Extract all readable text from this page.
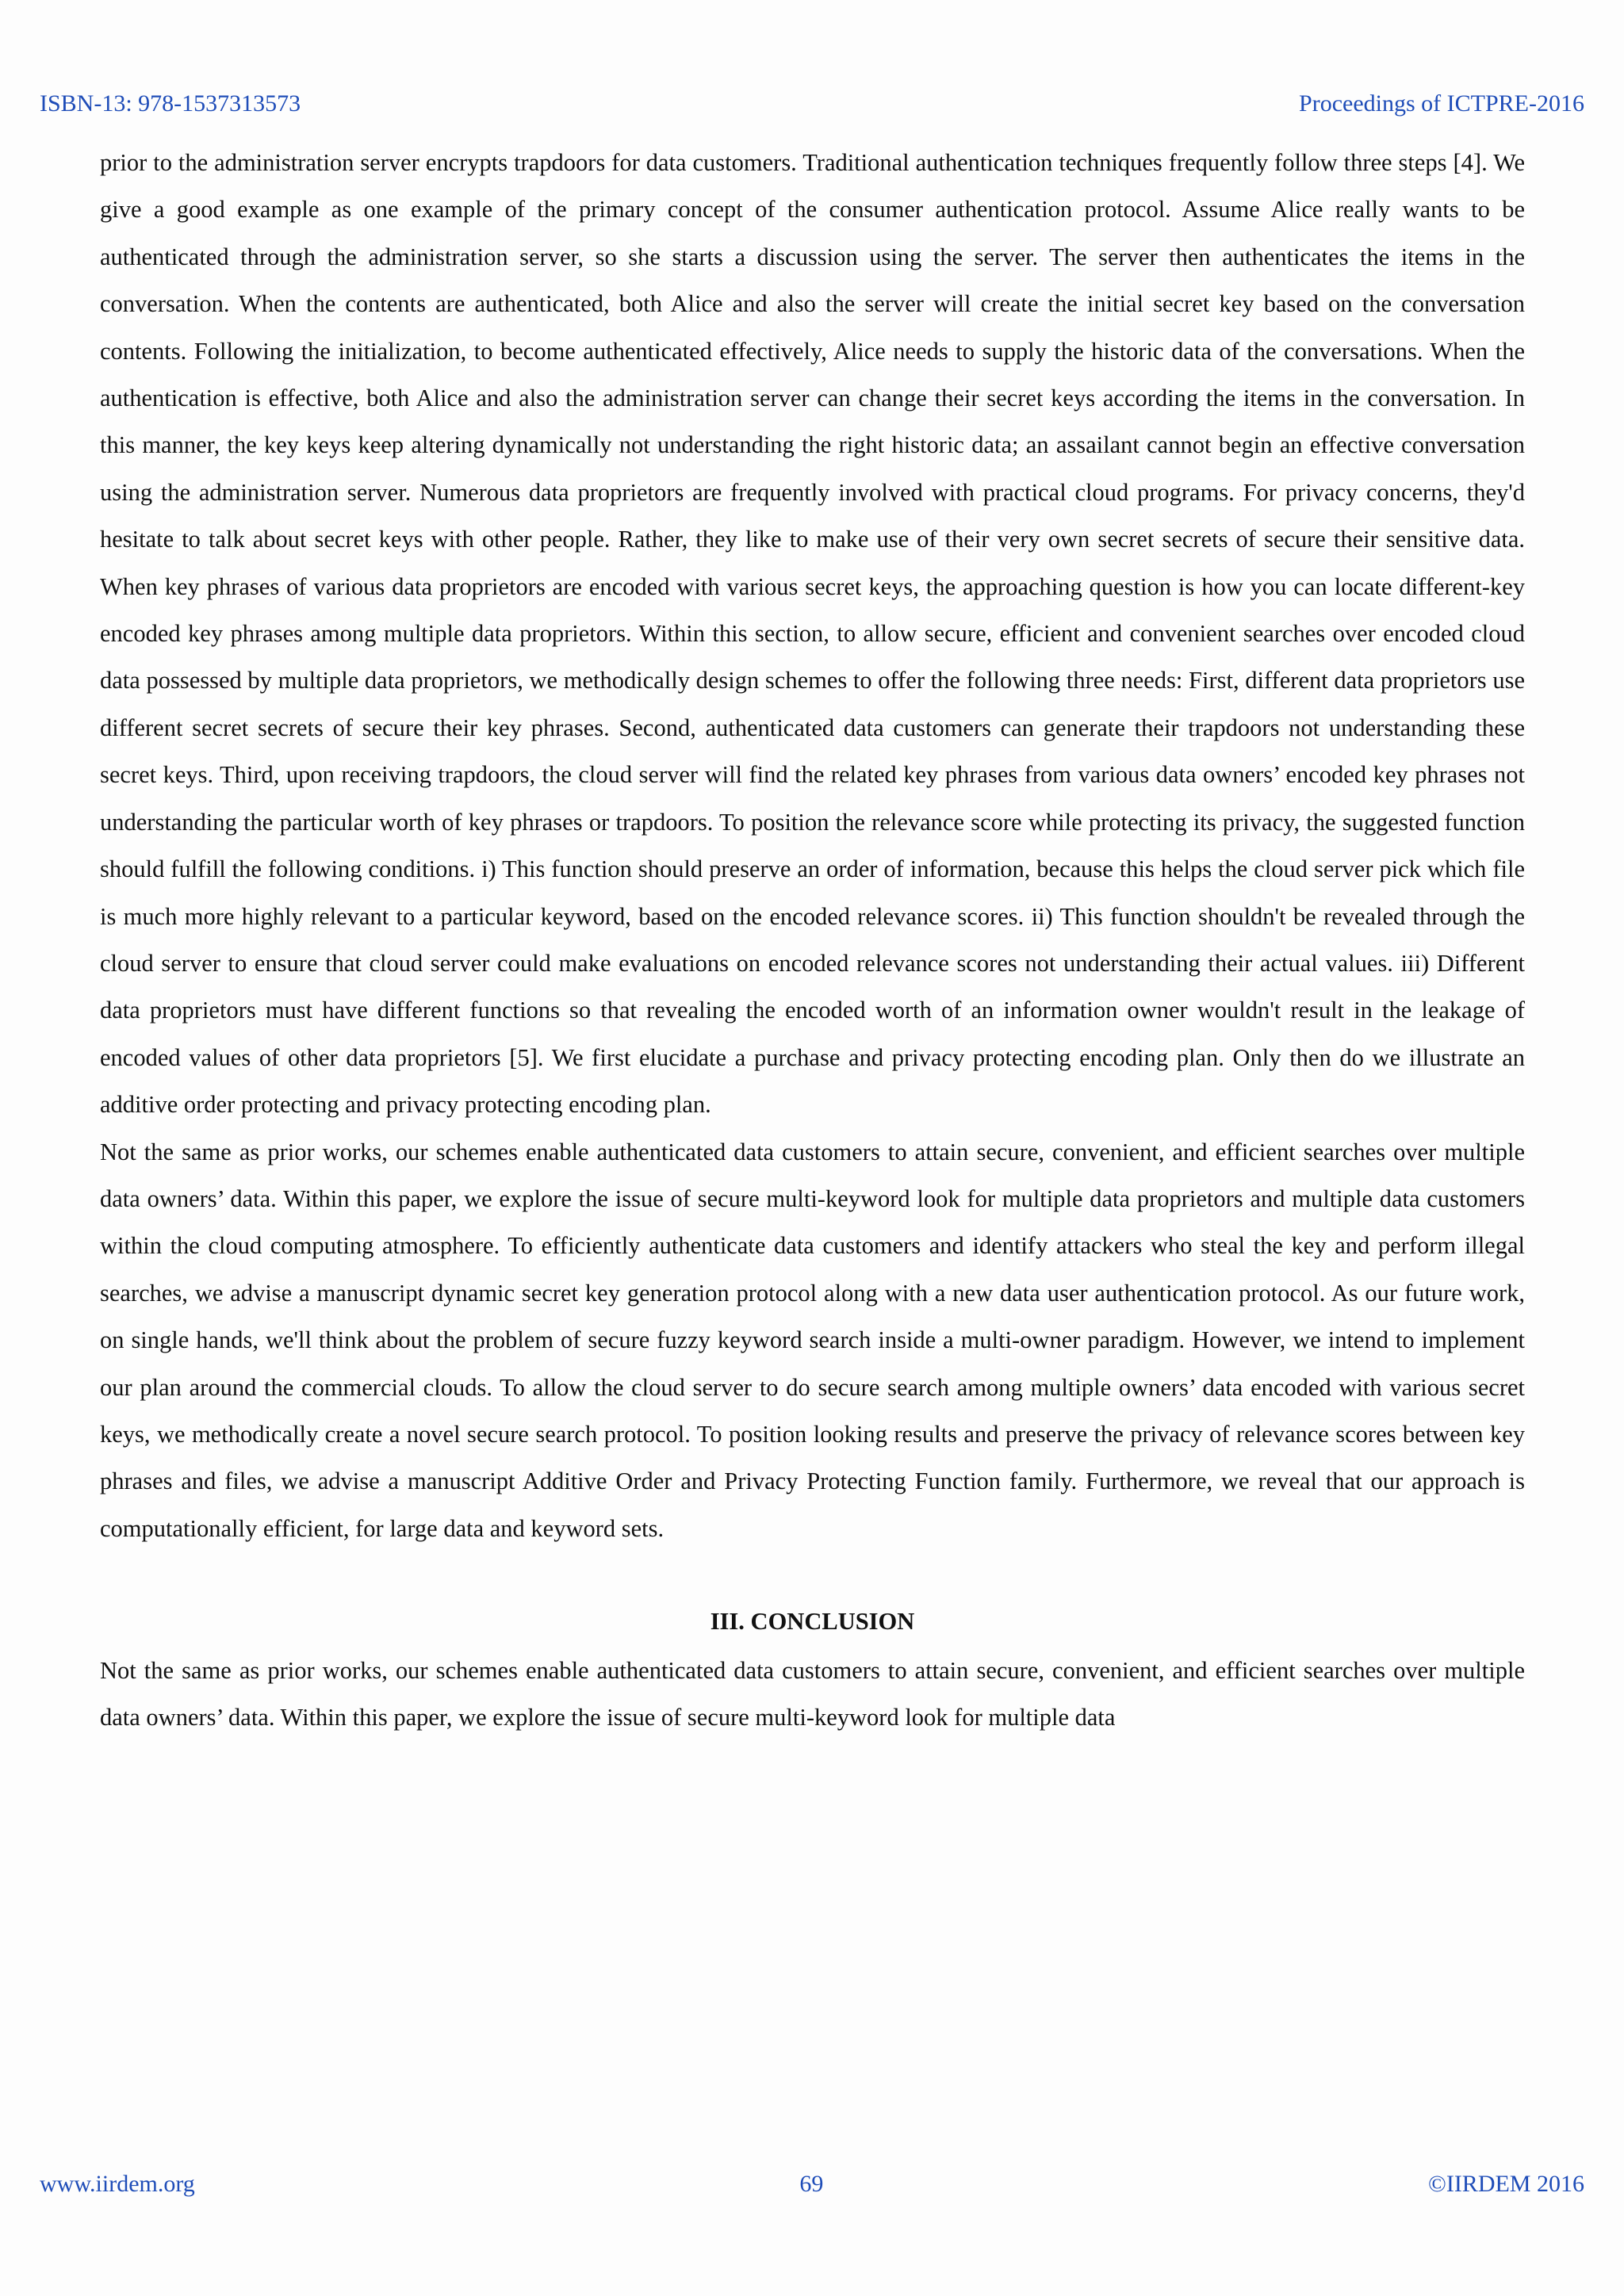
ISBN-13: 978-1537313573	Proceedings of ICTPRE-2016

prior to the administration server encrypts trapdoors for data customers. Traditional authentication techniques frequently follow three steps [4]. We give a good example as one example of the primary concept of the consumer authentication protocol. Assume Alice really wants to be authenticated through the administration server, so she starts a discussion using the server. The server then authenticates the items in the conversation. When the contents are authenticated, both Alice and also the server will create the initial secret key based on the conversation contents. Following the initialization, to become authenticated effectively, Alice needs to supply the historic data of the conversations. When the authentication is effective, both Alice and also the administration server can change their secret keys according the items in the conversation. In this manner, the key keys keep altering dynamically not understanding the right historic data; an assailant cannot begin an effective conversation using the administration server. Numerous data proprietors are frequently involved with practical cloud programs. For privacy concerns, they'd hesitate to talk about secret keys with other people. Rather, they like to make use of their very own secret secrets of secure their sensitive data. When key phrases of various data proprietors are encoded with various secret keys, the approaching question is how you can locate different-key encoded key phrases among multiple data proprietors. Within this section, to allow secure, efficient and convenient searches over encoded cloud data possessed by multiple data proprietors, we methodically design schemes to offer the following three needs: First, different data proprietors use different secret secrets of secure their key phrases. Second, authenticated data customers can generate their trapdoors not understanding these secret keys. Third, upon receiving trapdoors, the cloud server will find the related key phrases from various data owners’ encoded key phrases not understanding the particular worth of key phrases or trapdoors. To position the relevance score while protecting its privacy, the suggested function should fulfill the following conditions. i) This function should preserve an order of information, because this helps the cloud server pick which file is much more highly relevant to a particular keyword, based on the encoded relevance scores. ii) This function shouldn't be revealed through the cloud server to ensure that cloud server could make evaluations on encoded relevance scores not understanding their actual values. iii) Different data proprietors must have different functions so that revealing the encoded worth of an information owner wouldn't result in the leakage of encoded values of other data proprietors [5]. We first elucidate a purchase and privacy protecting encoding plan. Only then do we illustrate an additive order protecting and privacy protecting encoding plan.

Not the same as prior works, our schemes enable authenticated data customers to attain secure, convenient, and efficient searches over multiple data owners’ data. Within this paper, we explore the issue of secure multi-keyword look for multiple data proprietors and multiple data customers within the cloud computing atmosphere. To efficiently authenticate data customers and identify attackers who steal the key and perform illegal searches, we advise a manuscript dynamic secret key generation protocol along with a new data user authentication protocol. As our future work, on single hands, we'll think about the problem of secure fuzzy keyword search inside a multi-owner paradigm. However, we intend to implement our plan around the commercial clouds. To allow the cloud server to do secure search among multiple owners’ data encoded with various secret keys, we methodically create a novel secure search protocol. To position looking results and preserve the privacy of relevance scores between key phrases and files, we advise a manuscript Additive Order and Privacy Protecting Function family. Furthermore, we reveal that our approach is computationally efficient, for large data and keyword sets.

III. CONCLUSION

Not the same as prior works, our schemes enable authenticated data customers to attain secure, convenient, and efficient searches over multiple data owners’ data. Within this paper, we explore the issue of secure multi-keyword look for multiple data

www.iirdem.org	69	©IIRDEM 2016
